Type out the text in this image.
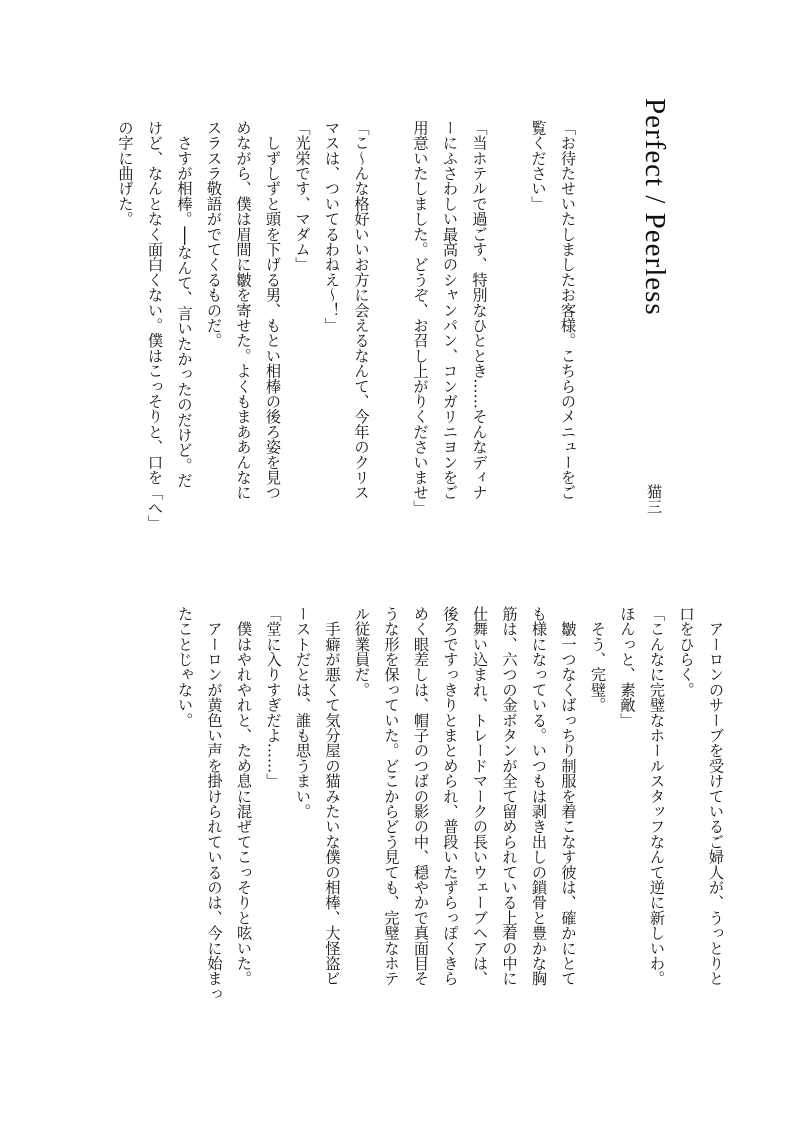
Perfect / Peerless
猫三
「お待たせいたしましたお客様。こちらのメニューをご
覧ください」
「当ホテルで過ごす、特別なひととき……そんなディナ
ーにふさわしい最高のシャンパン、コンガリニヨンをご
用意いたしました。どうぞ、お召し上がりくださいませ」
「こ～んな格好いいお方に会えるなんて、今年のクリス
マスは、ついてるわねえ～！」
「光栄です、マダム」
　しずしずと頭を下げる男、もとい相棒の後ろ姿を見つ
めながら、僕は眉間に皺を寄せた。よくもまああんなに
スラスラ敬語がでてくるものだ。
　さすが相棒。──なんて、言いたかったのだけど。だ
けど、なんとなく面白くない。僕はこっそりと、口を「へ」
の字に曲げた。
　アーロンのサーブを受けているご婦人が、うっとりと
口をひらく。
「こんなに完璧なホールスタッフなんて逆に新しいわ。
ほんっと、素敵」
　そう、完璧。
　皺一つなくばっちり制服を着こなす彼は、確かにとて
も様になっている。いつもは剥き出しの鎖骨と豊かな胸
筋は、六つの金ボタンが全て留められている上着の中に
仕舞い込まれ、トレードマークの長いウェーブヘアは、
後ろですっきりとまとめられ、普段いたずらっぽくきら
めく眼差しは、帽子のつばの影の中、穏やかで真面目そ
うな形を保っていた。どこからどう見ても、完璧なホテ
ル従業員だ。
　手癖が悪くて気分屋の猫みたいな僕の相棒、大怪盗ビ
ーストだとは、誰も思うまい。
「堂に入りすぎだよ……」
　僕はやれやれと、ため息に混ぜてこっそりと呟いた。
　アーロンが黄色い声を掛けられているのは、今に始まっ
たことじゃない。
